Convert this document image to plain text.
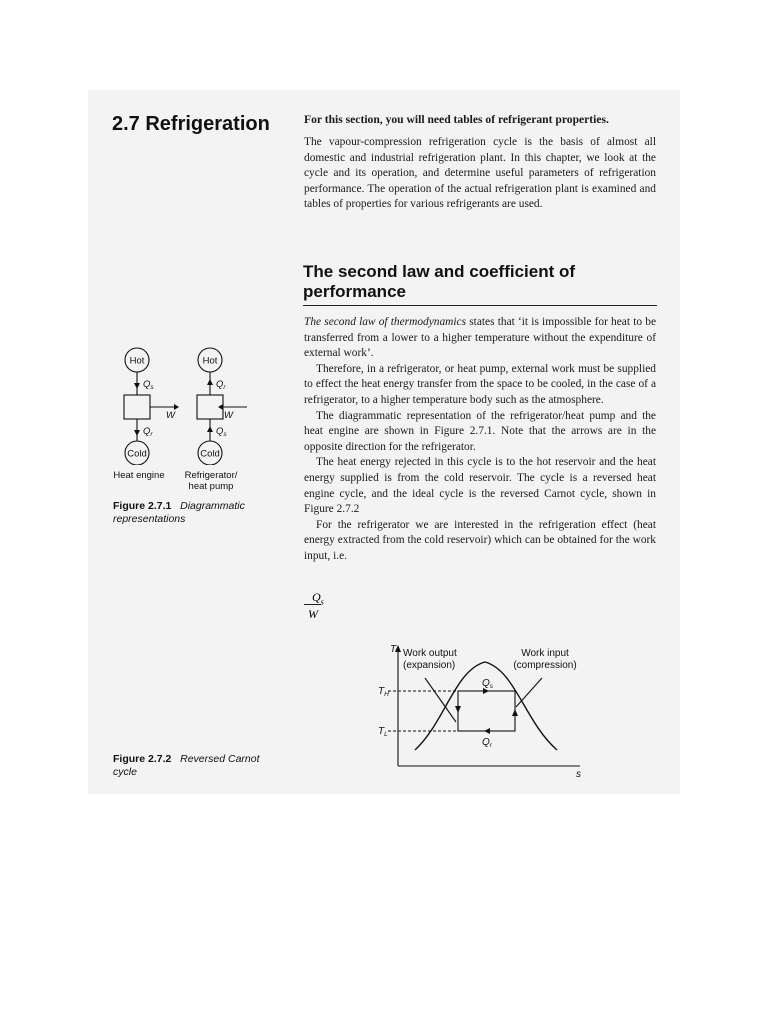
2.7 Refrigeration	For this section, you will need tables of refrigerant properties.

The vapour-compression refrigeration cycle is the basis of almost all domestic and industrial refrigeration plant. In this chapter, we look at the cycle and its operation, and determine useful parameters of refrigeration performance. The operation of the actual refrigeration plant is examined and tables of properties for various refrigerants are used.

The second law and coefficient of performance

The second law of thermodynamics states that ‘it is impossible for heat to be transferred from a lower to a higher temperature without the expenditure of external work’.

Therefore, in a refrigerator, or heat pump, external work must be supplied to effect the heat energy transfer from the space to be cooled, in the case of a refrigerator, to a higher temperature body such as the atmosphere.

The diagrammatic representation of the refrigerator/heat pump and the heat engine are shown in Figure 2.7.1. Note that the arrows are in the opposite direction for the refrigerator.

The heat energy rejected in this cycle is to the hot reservoir and the heat energy supplied is from the cold reservoir. The cycle is a reversed heat engine cycle, and the ideal cycle is the reversed Carnot cycle, shown in Figure 2.7.2

For the refrigerator we are interested in the refrigeration effect (heat energy extracted from the cold reservoir) which can be obtained for the work input, i.e.

$Q_s$
W
Hot
Cold
Hot
Cold
$Q_s$
$Q_r$
$Q_r$
$Q_s$
W	W
Heat engine	Refrigerator/
heat pump
Figure 2.7.1 Diagrammatic
representations
T
s
Work output
(expansion)
Work input
(compression)
$T_H$
$T_L$
$Q_s$
$Q_r$
Figure 2.7.2 Reversed Carnot
cycle
